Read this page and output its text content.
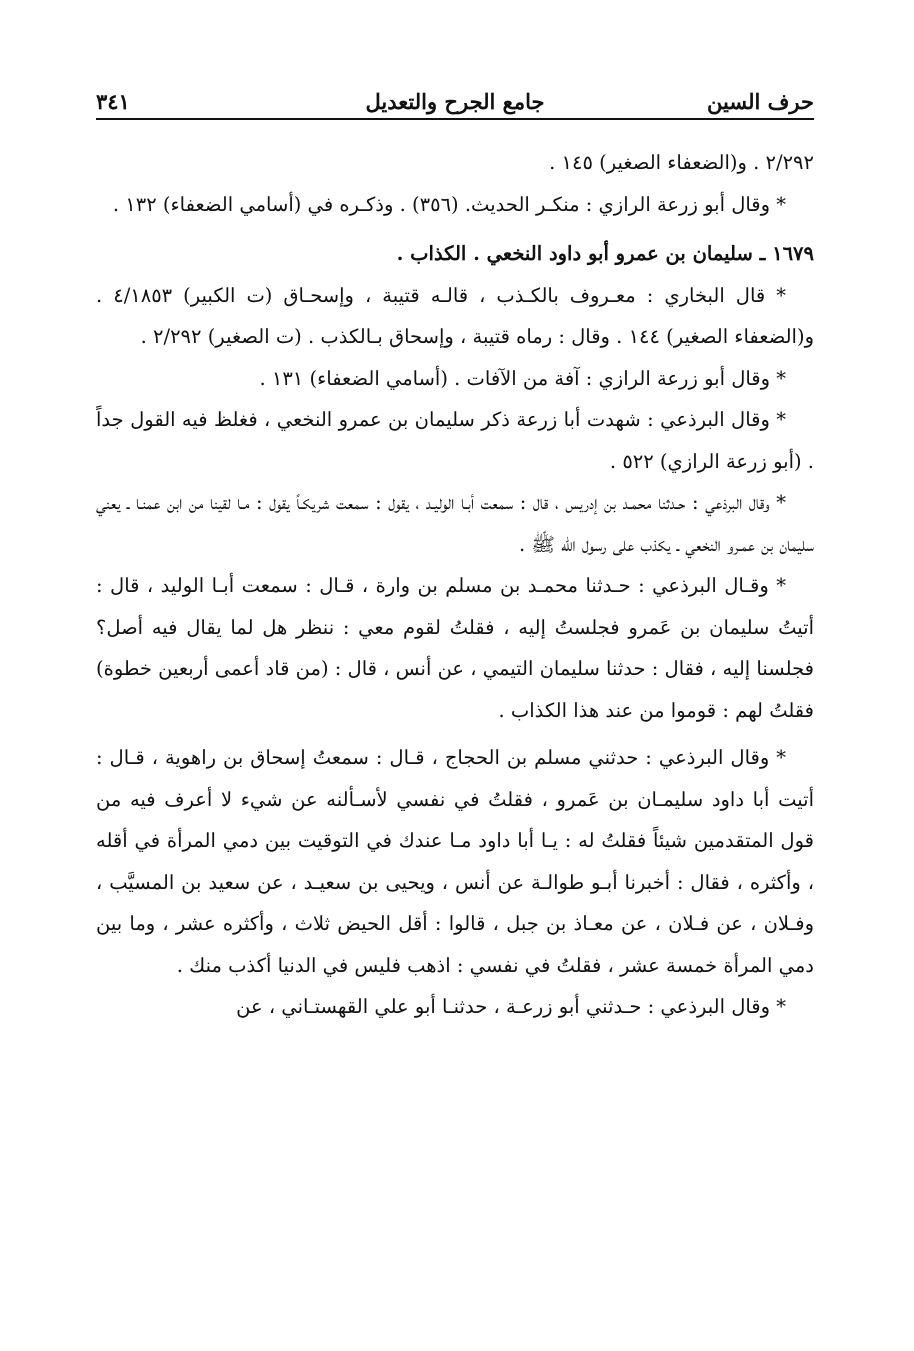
حرف السين
جامع الجرح والتعديل
٣٤١

٢/٢٩٢ . و(الضعفاء الصغير) ١٤٥ .

* وقال أبو زرعة الرازي : منكـر الحديث. (٣٥٦) . وذكـره في (أسامي الضعفاء) ١٣٢ .

١٦٧٩ ـ سليمان بن عمرو أبو داود النخعي . الكذاب .

* قال البخاري : معـروف بالكـذب ، قالـه قتيبة ، وإسحـاق (ت الكبير) ٤/١٨٥٣ . و(الضعفاء الصغير) ١٤٤ . وقال : رماه قتيبة ، وإسحاق بـالكذب . (ت الصغير) ٢/٢٩٢ .

* وقال أبو زرعة الرازي : آفة من الآفات . (أسامي الضعفاء) ١٣١ .

* وقال البرذعي : شهدت أبا زرعة ذكر سليمان بن عمرو النخعي ، فغلظ فيه القول جداً . (أبو زرعة الرازي) ٥٢٢ .

* وقال البرذعي : حـدثنا محمـد بن إدريس ، قال : سمعت أبـا الوليـد ، يقول : سمعت شريكـاً يقول : مـا لقينا من ابن عمنـا ـ يعني سليمان بن عمـرو النخعي ـ يكذب على رسول الله ﷺ .

* وقـال البرذعي : حـدثنا محمـد بن مسلم بن وارة ، قـال : سمعت أبـا الوليد ، قال : أتيتُ سليمان بن عَمرو فجلستُ إليه ، فقلتُ لقوم معي : ننظر هل لما يقال فيه أصل؟ فجلسنا إليه ، فقال : حدثنا سليمان التيمي ، عن أنس ، قال : (من قاد أعمى أربعين خطوة) فقلتُ لهم : قوموا من عند هذا الكذاب .

* وقال البرذعي : حدثني مسلم بن الحجاج ، قـال : سمعتُ إسحاق بن راهوية ، قـال : أتيت أبا داود سليمـان بن عَمرو ، فقلتُ في نفسي لأسـألنه عن شيء لا أعرف فيه من قول المتقدمين شيئاً فقلتُ له : يـا أبا داود مـا عندك في التوقيت بين دمي المرأة في أقله ، وأكثره ، فقال : أخبرنا أبـو طوالـة عن أنس ، ويحيى بن سعيـد ، عن سعيد بن المسيَّب ، وفـلان ، عن فـلان ، عن معـاذ بن جبل ، قالوا : أقل الحيض ثلاث ، وأكثره عشر ، وما بين دمي المرأة خمسة عشر ، فقلتُ في نفسي : اذهب فليس في الدنيا أكذب منك .

* وقال البرذعي : حـدثني أبو زرعـة ، حدثنـا أبو علي القهستـاني ، عن
